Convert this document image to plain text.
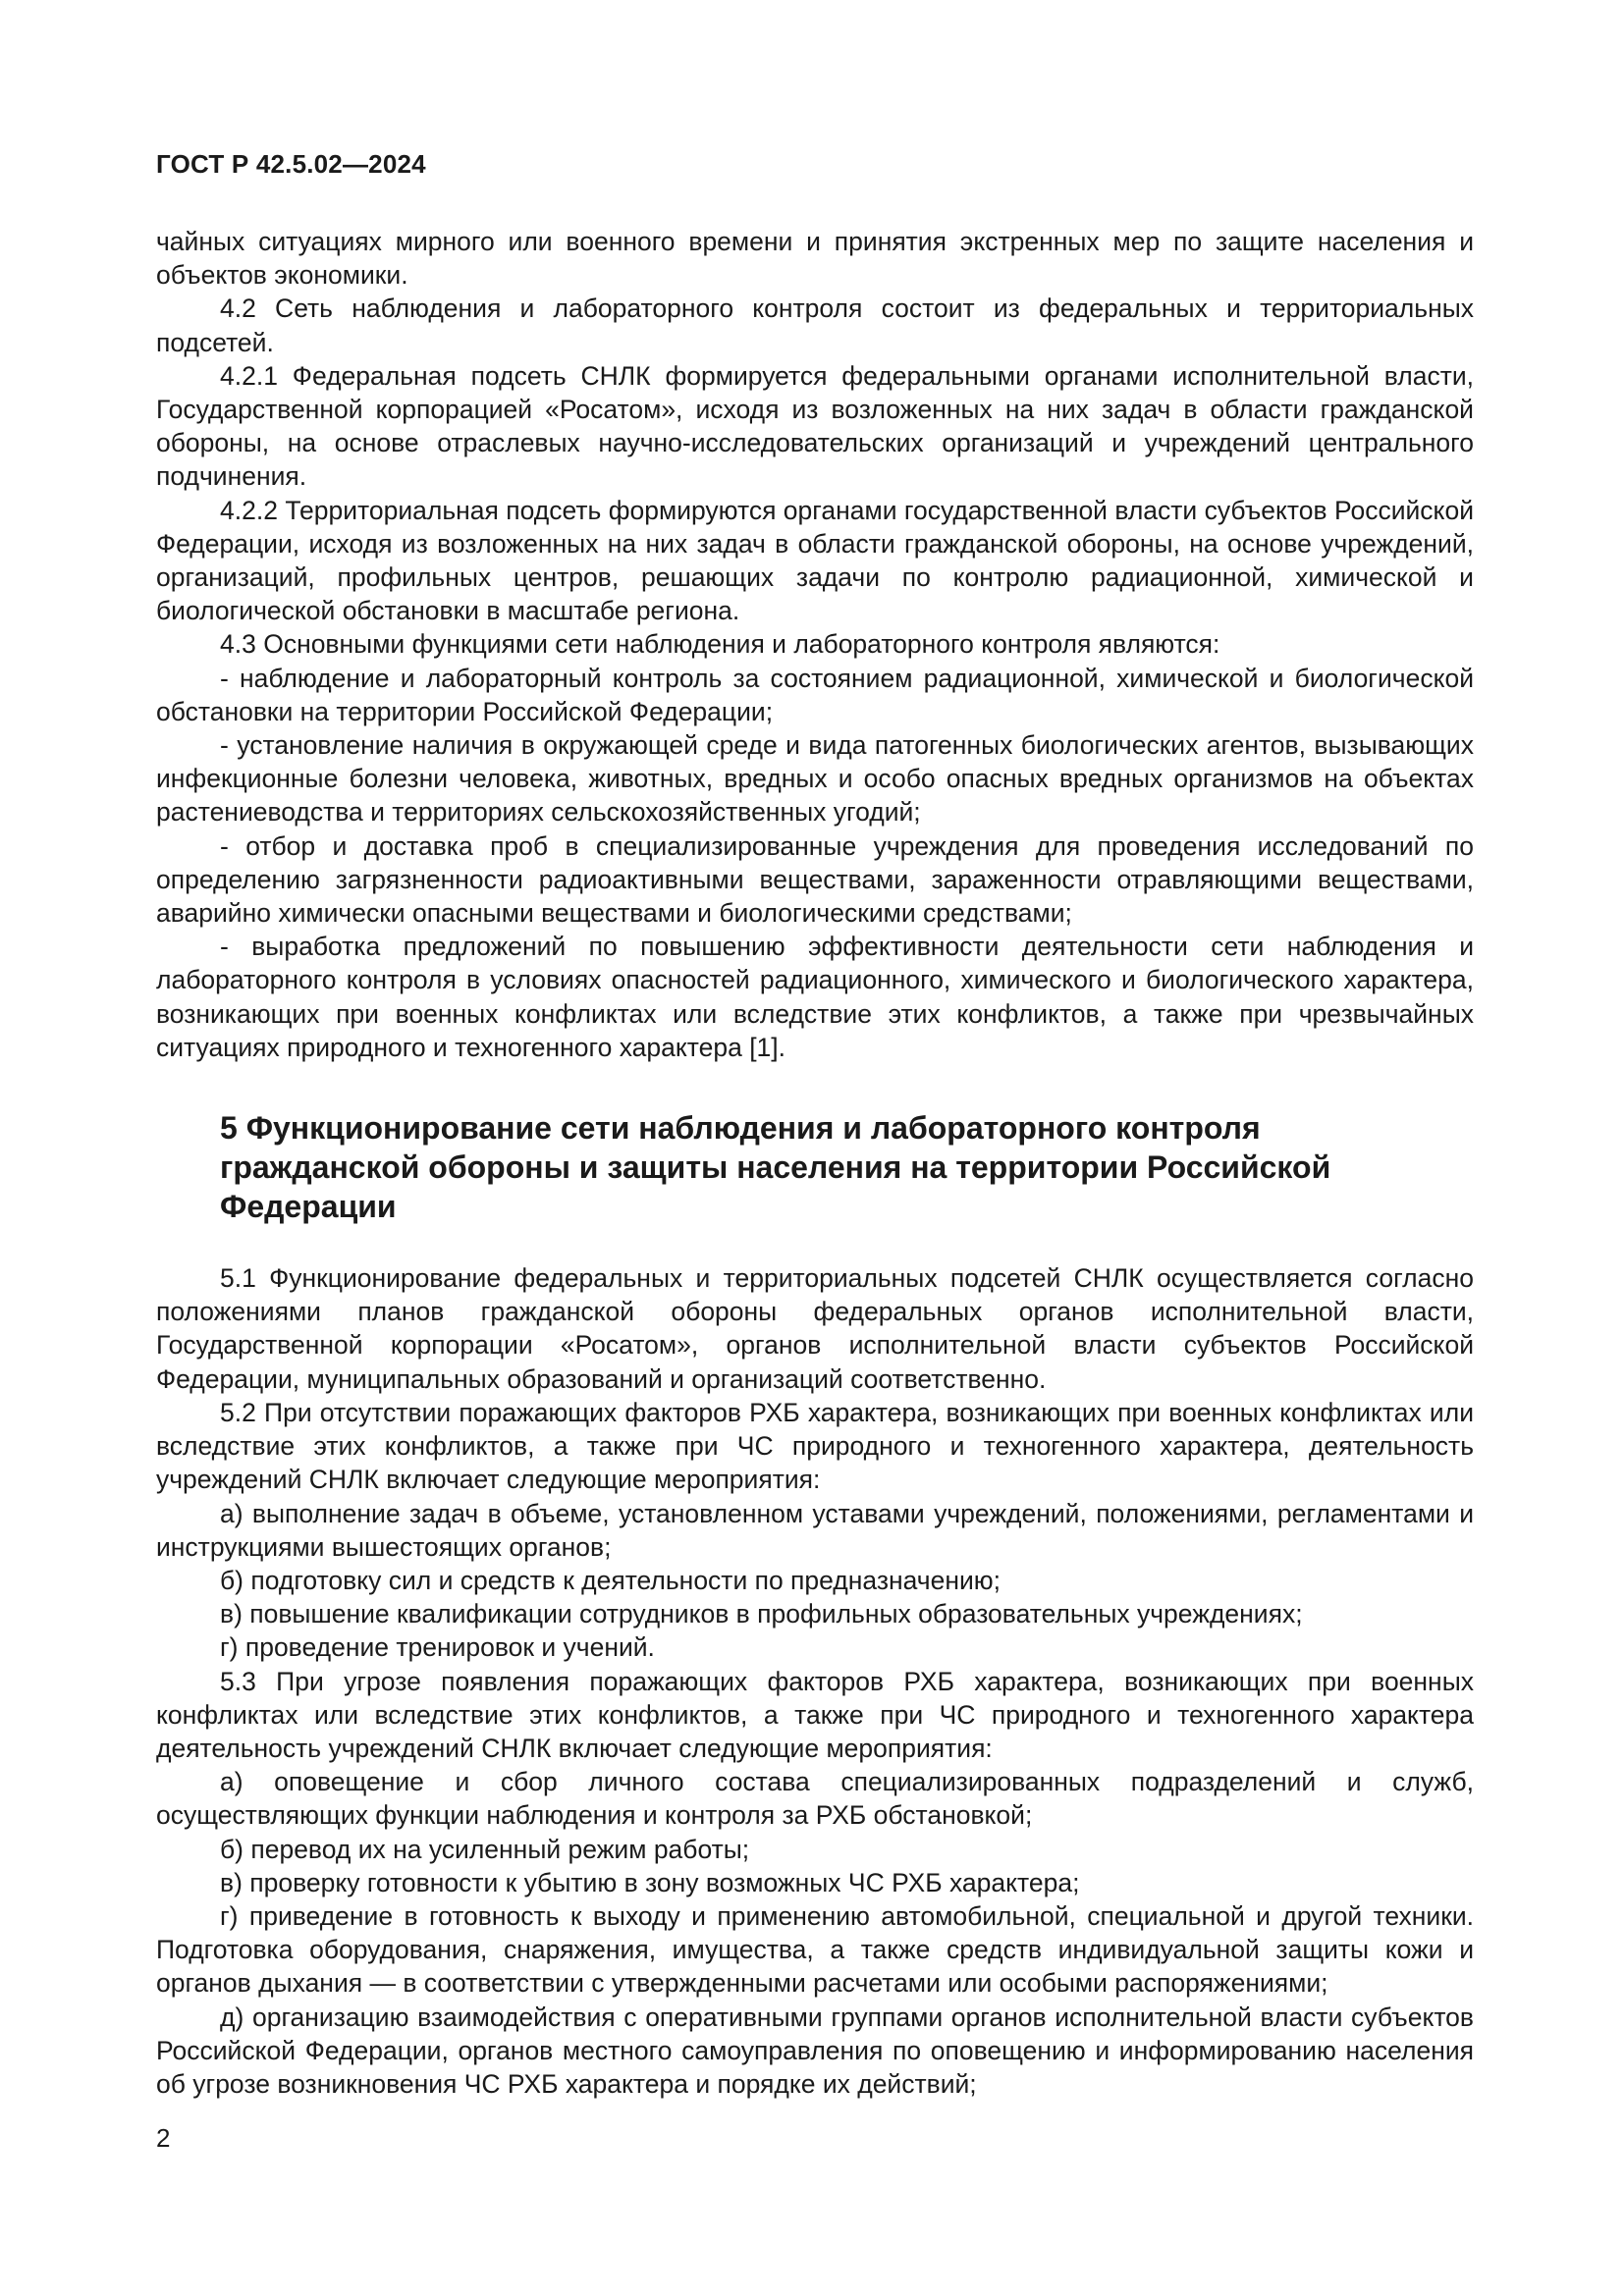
ГОСТ Р 42.5.02—2024

чайных ситуациях мирного или военного времени и принятия экстренных мер по защите населения и объектов экономики.

4.2 Сеть наблюдения и лабораторного контроля состоит из федеральных и территориальных подсетей.

4.2.1 Федеральная подсеть СНЛК формируется федеральными органами исполнительной власти, Государственной корпорацией «Росатом», исходя из возложенных на них задач в области гражданской обороны, на основе отраслевых научно-исследовательских организаций и учреждений центрального подчинения.

4.2.2 Территориальная подсеть формируются органами государственной власти субъектов Российской Федерации, исходя из возложенных на них задач в области гражданской обороны, на основе учреждений, организаций, профильных центров, решающих задачи по контролю радиационной, химической и биологической обстановки в масштабе региона.

4.3 Основными функциями сети наблюдения и лабораторного контроля являются:

- наблюдение и лабораторный контроль за состоянием радиационной, химической и биологической обстановки на территории Российской Федерации;

- установление наличия в окружающей среде и вида патогенных биологических агентов, вызывающих инфекционные болезни человека, животных, вредных и особо опасных вредных организмов на объектах растениеводства и территориях сельскохозяйственных угодий;

- отбор и доставка проб в специализированные учреждения для проведения исследований по определению загрязненности радиоактивными веществами, зараженности отравляющими веществами, аварийно химически опасными веществами и биологическими средствами;

- выработка предложений по повышению эффективности деятельности сети наблюдения и лабораторного контроля в условиях опасностей радиационного, химического и биологического характера, возникающих при военных конфликтах или вследствие этих конфликтов, а также при чрезвычайных ситуациях природного и техногенного характера [1].

5 Функционирование сети наблюдения и лабораторного контроля гражданской обороны и защиты населения на территории Российской Федерации

5.1 Функционирование федеральных и территориальных подсетей СНЛК осуществляется согласно положениями планов гражданской обороны федеральных органов исполнительной власти, Государственной корпорации «Росатом», органов исполнительной власти субъектов Российской Федерации, муниципальных образований и организаций соответственно.

5.2 При отсутствии поражающих факторов РХБ характера, возникающих при военных конфликтах или вследствие этих конфликтов, а также при ЧС природного и техногенного характера, деятельность учреждений СНЛК включает следующие мероприятия:

а) выполнение задач в объеме, установленном уставами учреждений, положениями, регламентами и инструкциями вышестоящих органов;

б) подготовку сил и средств к деятельности по предназначению;

в) повышение квалификации сотрудников в профильных образовательных учреждениях;

г) проведение тренировок и учений.

5.3 При угрозе появления поражающих факторов РХБ характера, возникающих при военных конфликтах или вследствие этих конфликтов, а также при ЧС природного и техногенного характера деятельность учреждений СНЛК включает следующие мероприятия:

а) оповещение и сбор личного состава специализированных подразделений и служб, осуществляющих функции наблюдения и контроля за РХБ обстановкой;

б) перевод их на усиленный режим работы;

в) проверку готовности к убытию в зону возможных ЧС РХБ характера;

г) приведение в готовность к выходу и применению автомобильной, специальной и другой техники. Подготовка оборудования, снаряжения, имущества, а также средств индивидуальной защиты кожи и органов дыхания — в соответствии с утвержденными расчетами или особыми распоряжениями;

д) организацию взаимодействия с оперативными группами органов исполнительной власти субъектов Российской Федерации, органов местного самоуправления по оповещению и информированию населения об угрозе возникновения ЧС РХБ характера и порядке их действий;

2
